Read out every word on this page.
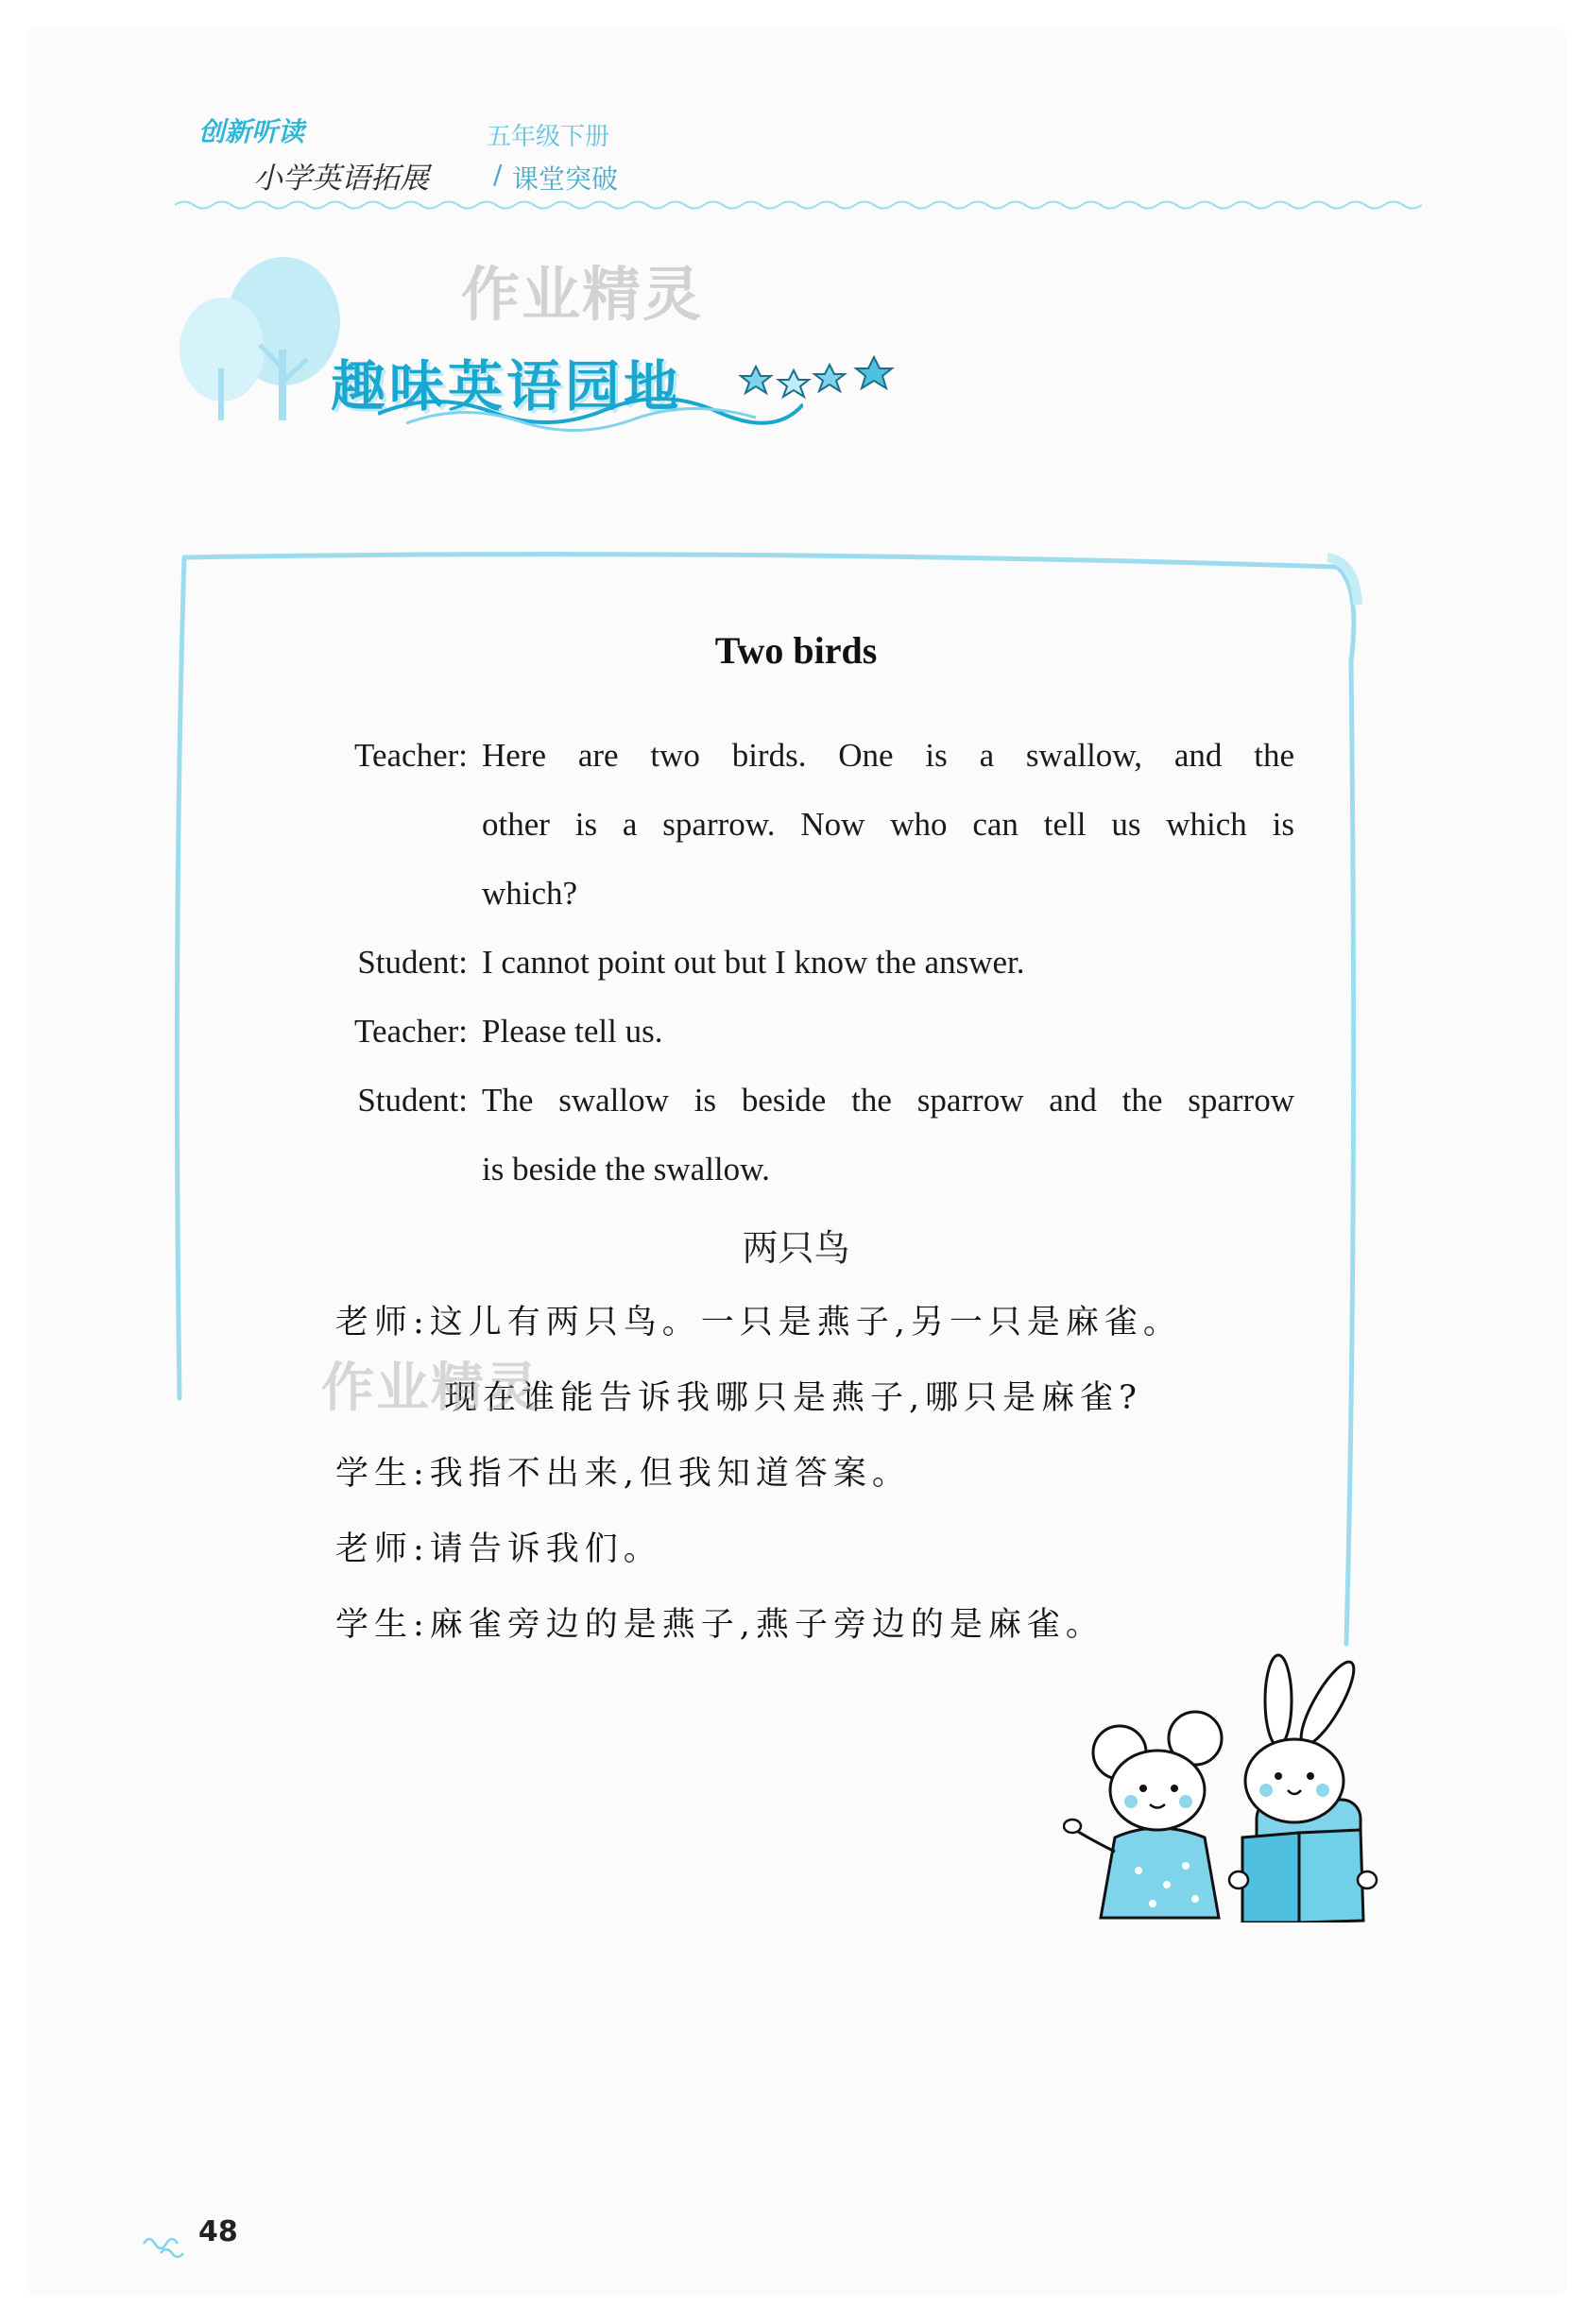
创新听读	五年级下册
小学英语拓展 / 课堂突破
作业精灵
趣味英语园地
Two birds
Teacher: Here are two birds. One is a swallow, and the
other is a sparrow. Now who can tell us which is
which?
Student: I cannot point out but I know the answer.
Teacher: Please tell us.
Student: The swallow is beside the sparrow and the sparrow
is beside the swallow.
两只鸟
老师:这儿有两只鸟。一只是燕子,另一只是麻雀。
现在谁能告诉我哪只是燕子,哪只是麻雀?
学生:我指不出来,但我知道答案。
老师:请告诉我们。
学生:麻雀旁边的是燕子,燕子旁边的是麻雀。
作业精灵
48
